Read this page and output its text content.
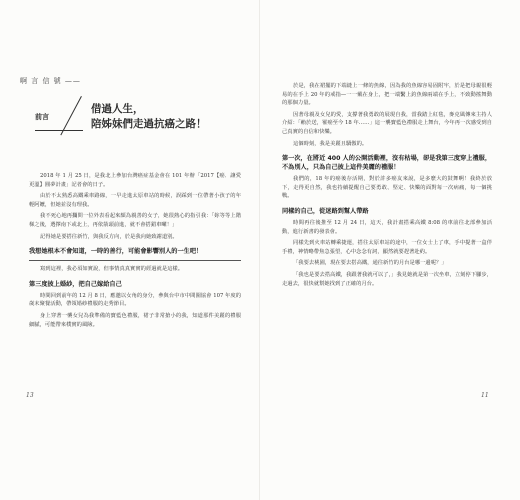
啊 言 信 號 ——
前言
借過人生，
陪姊妹們走過抗癌之路！

2018 年 1 月 25 日，是我北上參加台灣癌症基金會在 101 年辦「2017【癌．讓愛更溫】圓夢計畫」記者會的日子。

由於不太熟悉高鐵乘車路線，一早走進太原車站的時候，誤踩到一位帶著小孩子的年輕阿嬤，但她並沒有理我。

我不死心地再攔問一位外表看起來頗為親善的女子，她很熱心的指引我：「妳等等上階梯之後，選擇南下或北上，再依箭頭前進，就不會搭錯車囉！」

記得她是要搭往新竹，與我反方向，於是我向她致謝道別。

我想她根本不會知道，一時的善行，可能會影響別人的一生吧！

寫到這裡，我必須如實說，但事情真真實實的經過就是這樣。

第三度披上婚紗，把自己嫁給自己

時間回到前年的 12 月 8 日，應邀以女角的身分，參與台中市中間圍協會 107 年度的歲末聚餐活動，帶領婚紗禮服的走秀節目。

身上穿著一襲女兒為我準備的寶藍色禮服，裙子非常搶小的我，知道那件美麗的禮服細膩，可能帶來樸實的風險。

於是，我在裙擺的下端縫上一條的魚線，因為我的魚線容易固附牢，於是把母親很輕易的在手上 20 年的戒指—一一戴在身上，把一端繫上釣魚線兩端在手上，不致動搖舞動的那個力量。

因著母親及女兒的愛，支撐著我勇敢的展現自我，當我踏上紅毯，麥克風傳來主持人介紹：「賴於送，罹癌至今 18 年……」這一襲寶藍色禮服走上舞台，今年再一次感受到自己真實的自信和快樂。

這個時刻，我是美麗且驕傲的。

第一次，在將近 400 人的公開活動裡，沒有枯場，卻是我第三度穿上禮服，不為別人，只為自己披上這件美麗的禮服！

我們的，18 年的癌後存活期，對於許多癌友來說，是多麼大的鼓舞啊！我終於放下，走得更自然，我也持續提醒自己要勇敢、堅定、快樂的面對每一次病痛，每一個挑戰。

同樣的自己，從迷路到幫人帶路

時間再往後推至 12 月 24 日，這天，我計畫搭乘高鐵 8:08 的車前往北部參加活動，進行新書的發表會。

同樣先到火車站轉乘捷運，搭往太原車站的途中，一位女士上了車，手中提著一盒伴手禮，神情略帶焦急張望，心中念念有詞，顯然就要趕著赴約。

「我要去桃園，現在要去搭高鐵，通往新竹的月台是哪一邊呢？」

「我也是要去搭高鐵，我跟著我就可以了，」我見她就是第一次坐車，立刻停下腳步，走過去，很快就幫她找到了正確的月台。

13	11
